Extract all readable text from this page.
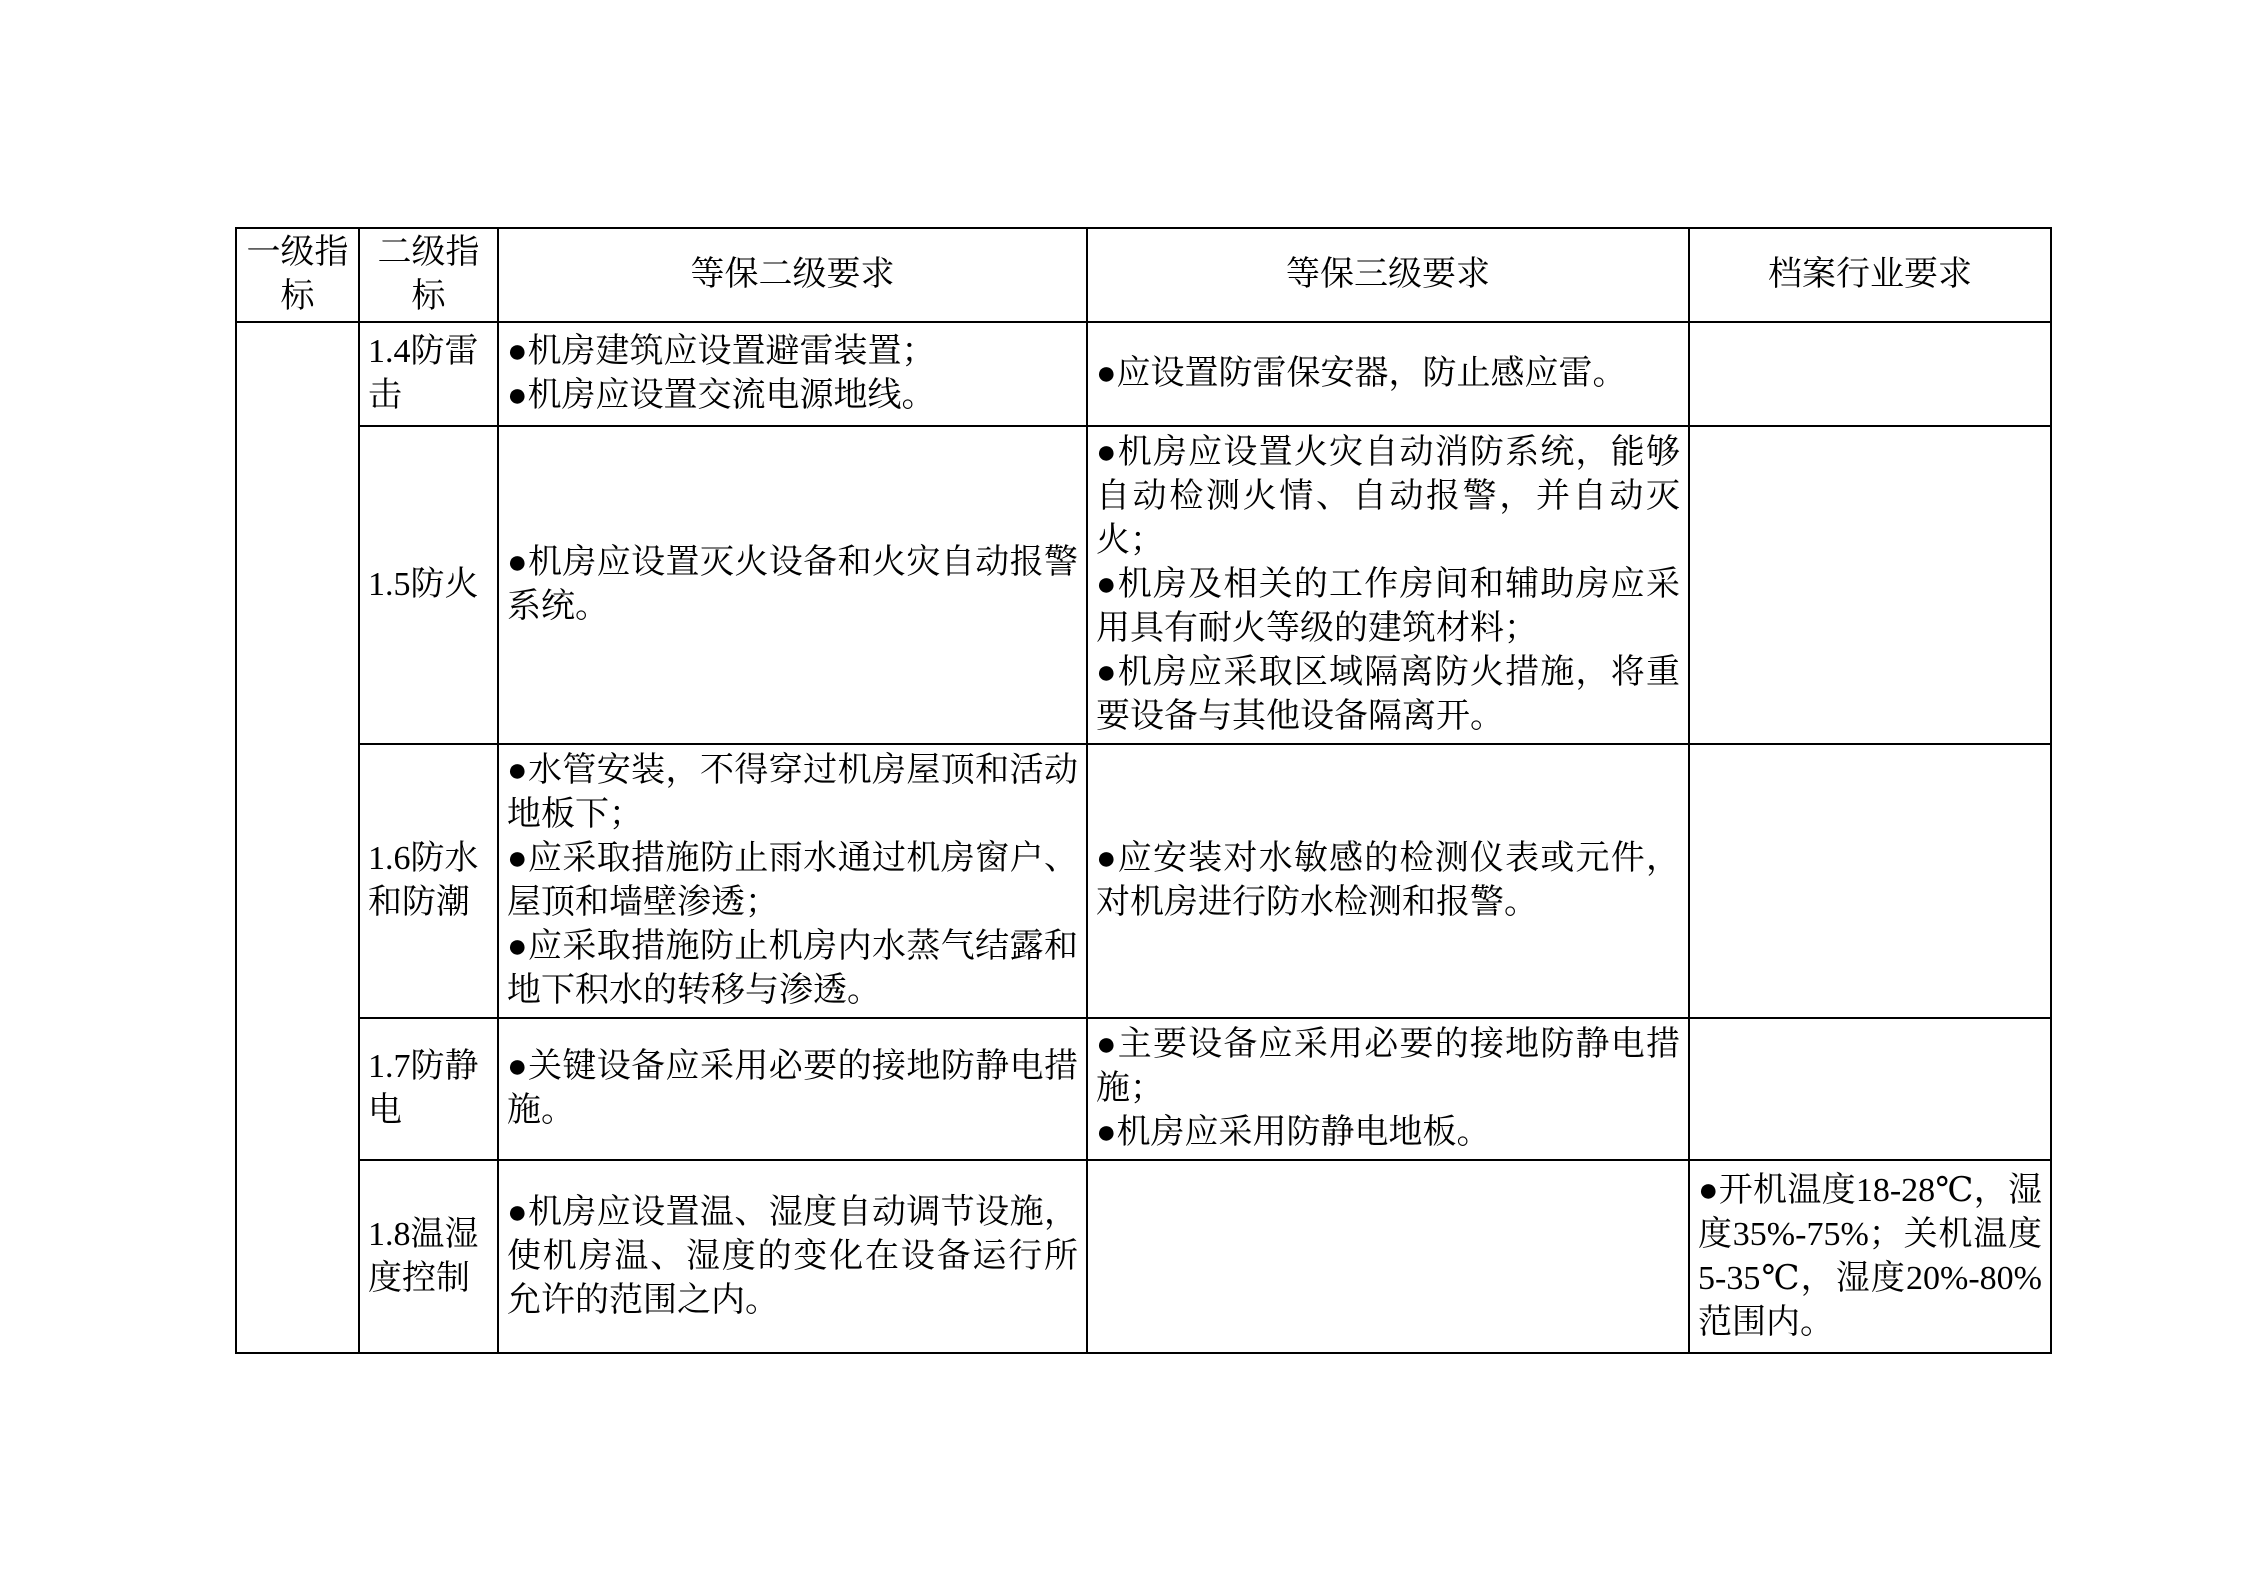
一级指标	二级指标	等保二级要求	等保三级要求	档案行业要求
	1.4防雷击	●机房建筑应设置避雷装置；
●机房应设置交流电源地线。	●应设置防雷保安器，防止感应雷。	

	1.5防火	●机房应设置灭火设备和火灾自动报警系统。	●机房应设置火灾自动消防系统，能够自动检测火情、自动报警，并自动灭火；
●机房及相关的工作房间和辅助房应采用具有耐火等级的建筑材料；
●机房应采取区域隔离防火措施，将重要设备与其他设备隔离开。	

	1.6防水和防潮	●水管安装，不得穿过机房屋顶和活动地板下；
●应采取措施防止雨水通过机房窗户、屋顶和墙壁渗透；
●应采取措施防止机房内水蒸气结露和地下积水的转移与渗透。	●应安装对水敏感的检测仪表或元件，对机房进行防水检测和报警。	

	1.7防静电	●关键设备应采用必要的接地防静电措施。	●主要设备应采用必要的接地防静电措施；
●机房应采用防静电地板。	

	1.8温湿度控制	●机房应设置温、湿度自动调节设施，使机房温、湿度的变化在设备运行所允许的范围之内。		●开机温度18-28℃，湿度35%-75%；关机温度5-35℃，湿度20%-80%范围内。
